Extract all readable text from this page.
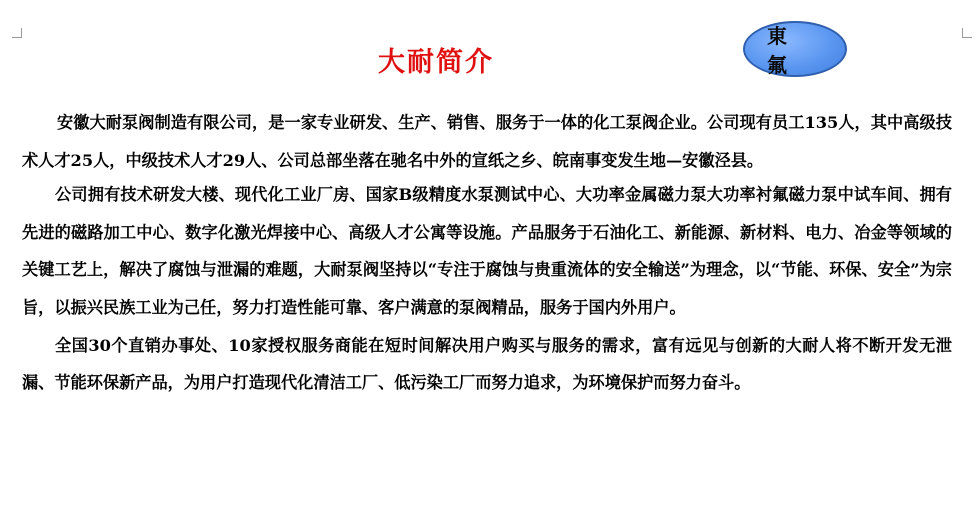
大耐简介
東氟

安徽大耐泵阀制造有限公司，是一家专业研发、生产、销售、服务于一体的化工泵阀企业。公司现有员工135人，其中高级技术人才25人，中级技术人才29人、公司总部坐落在驰名中外的宣纸之乡、皖南事变发生地—安徽泾县。

公司拥有技术研发大楼、现代化工业厂房、国家B级精度水泵测试中心、大功率金属磁力泵大功率衬氟磁力泵中试车间、拥有先进的磁路加工中心、数字化激光焊接中心、高级人才公寓等设施。产品服务于石油化工、新能源、新材料、电力、冶金等领域的关键工艺上，解决了腐蚀与泄漏的难题，大耐泵阀坚持以“专注于腐蚀与贵重流体的安全输送”为理念，以“节能、环保、安全”为宗旨，以振兴民族工业为己任，努力打造性能可靠、客户满意的泵阀精品，服务于国内外用户。

全国30个直销办事处、10家授权服务商能在短时间解决用户购买与服务的需求，富有远见与创新的大耐人将不断开发无泄漏、节能环保新产品，为用户打造现代化清洁工厂、低污染工厂而努力追求，为环境保护而努力奋斗。
